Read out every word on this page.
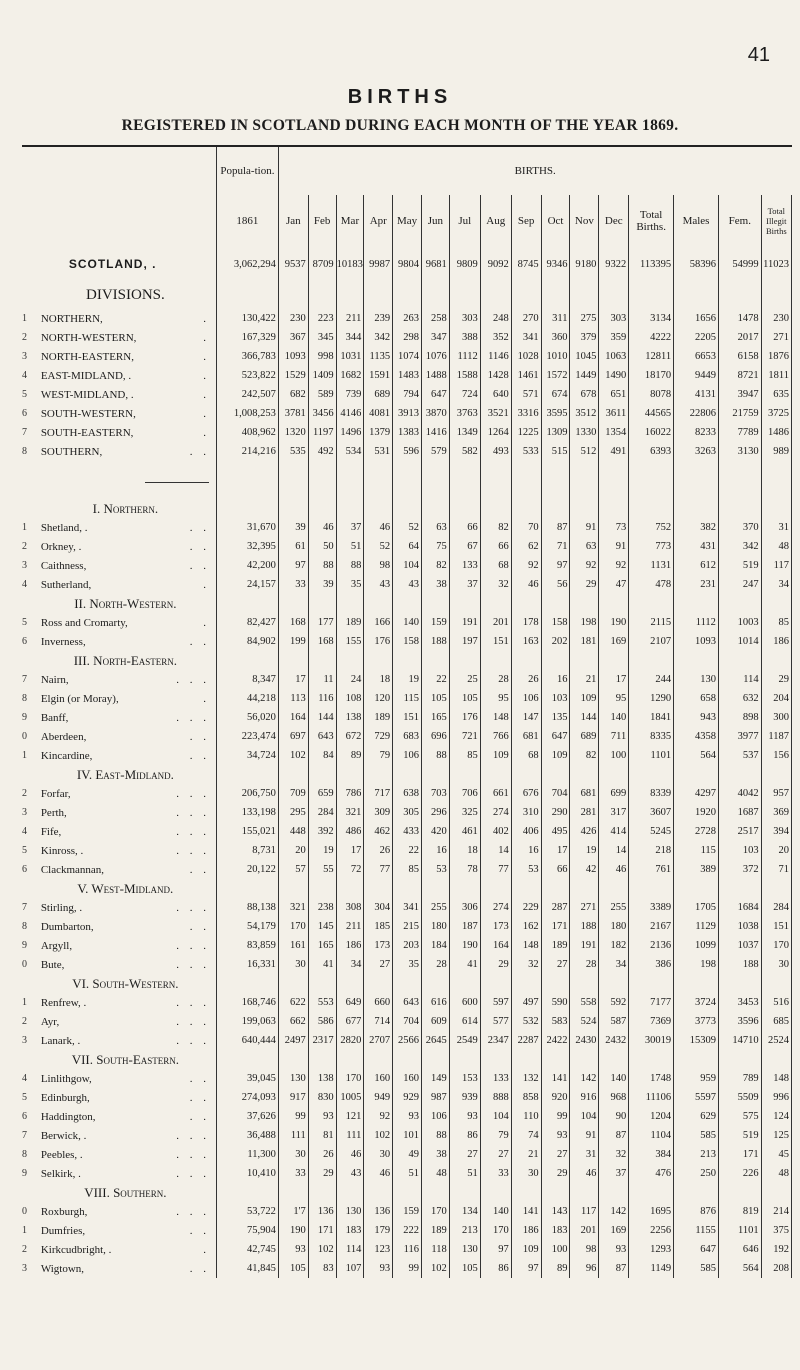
41
BIRTHS
REGISTERED IN SCOTLAND DURING EACH MONTH OF THE YEAR 1869.
		Popula-tion.	BIRTHS.															
		1861	Jan	Feb	Mar	Apr	May	Jun	Jul	Aug	Sep	Oct	Nov	Dec	Total Births.	Males	Fem.	Total Illegit Births
	SCOTLAND, .	3,062,294	9537	8709	10183	9987	9804	9681	9809	9092	8745	9346	9180	9322	113395	58396	54999	11023
	DIVISIONS.																	
1	NORTHERN, .	130,422	230	223	211	239	263	258	303	248	270	311	275	303	3134	1656	1478	230
2	NORTH-WESTERN, .	167,329	367	345	344	342	298	347	388	352	341	360	379	359	4222	2205	2017	271
3	NORTH-EASTERN, .	366,783	1093	998	1031	1135	1074	1076	1112	1146	1028	1010	1045	1063	12811	6653	6158	1876
4	EAST-MIDLAND, . .	523,822	1529	1409	1682	1591	1483	1488	1588	1428	1461	1572	1449	1490	18170	9449	8721	1811
5	WEST-MIDLAND, . .	242,507	682	589	739	689	794	647	724	640	571	674	678	651	8078	4131	3947	635
6	SOUTH-WESTERN, .	1,008,253	3781	3456	4146	4081	3913	3870	3763	3521	3316	3595	3512	3611	44565	22806	21759	3725
7	SOUTH-EASTERN, .	408,962	1320	1197	1496	1379	1383	1416	1349	1264	1225	1309	1330	1354	16022	8233	7789	1486
8	SOUTHERN, . .	214,216	535	492	534	531	596	579	582	493	533	515	512	491	6393	3263	3130	989

	I. Northern.																	
1	Shetland, . . .	31,670	39	46	37	46	52	63	66	82	70	87	91	73	752	382	370	31
2	Orkney, . . .	32,395	61	50	51	52	64	75	67	66	62	71	63	91	773	431	342	48
3	Caithness, . .	42,200	97	88	88	98	104	82	133	68	92	97	92	92	1131	612	519	117
4	Sutherland, .	24,157	33	39	35	43	43	38	37	32	46	56	29	47	478	231	247	34
	II. North-Western.																	
5	Ross and Cromarty, .	82,427	168	177	189	166	140	159	191	201	178	158	198	190	2115	1112	1003	85
6	Inverness, . .	84,902	199	168	155	176	158	188	197	151	163	202	181	169	2107	1093	1014	186
	III. North-Eastern.																	
7	Nairn, . . .	8,347	17	11	24	18	19	22	25	28	26	16	21	17	244	130	114	29
8	Elgin (or Moray), .	44,218	113	116	108	120	115	105	105	95	106	103	109	95	1290	658	632	204
9	Banff, . . .	56,020	164	144	138	189	151	165	176	148	147	135	144	140	1841	943	898	300
0	Aberdeen, . .	223,474	697	643	672	729	683	696	721	766	681	647	689	711	8335	4358	3977	1187
1	Kincardine, . .	34,724	102	84	89	79	106	88	85	109	68	109	82	100	1101	564	537	156
	IV. East-Midland.																	
2	Forfar, . . .	206,750	709	659	786	717	638	703	706	661	676	704	681	699	8339	4297	4042	957
3	Perth, . . .	133,198	295	284	321	309	305	296	325	274	310	290	281	317	3607	1920	1687	369
4	Fife, . . .	155,021	448	392	486	462	433	420	461	402	406	495	426	414	5245	2728	2517	394
5	Kinross, . . . .	8,731	20	19	17	26	22	16	18	14	16	17	19	14	218	115	103	20
6	Clackmannan, . .	20,122	57	55	72	77	85	53	78	77	53	66	42	46	761	389	372	71
	V. West-Midland.																	
7	Stirling, . . . .	88,138	321	238	308	304	341	255	306	274	229	287	271	255	3389	1705	1684	284
8	Dumbarton, . .	54,179	170	145	211	185	215	180	187	173	162	171	188	180	2167	1129	1038	151
9	Argyll, . . .	83,859	161	165	186	173	203	184	190	164	148	189	191	182	2136	1099	1037	170
0	Bute, . . .	16,331	30	41	34	27	35	28	41	29	32	27	28	34	386	198	188	30
	VI. South-Western.																	
1	Renfrew, . . . .	168,746	622	553	649	660	643	616	600	597	497	590	558	592	7177	3724	3453	516
2	Ayr, . . .	199,063	662	586	677	714	704	609	614	577	532	583	524	587	7369	3773	3596	685
3	Lanark, . . . .	640,444	2497	2317	2820	2707	2566	2645	2549	2347	2287	2422	2430	2432	30019	15309	14710	2524
	VII. South-Eastern.																	
4	Linlithgow, . .	39,045	130	138	170	160	160	149	153	133	132	141	142	140	1748	959	789	148
5	Edinburgh, . .	274,093	917	830	1005	949	929	987	939	888	858	920	916	968	11106	5597	5509	996
6	Haddington, . .	37,626	99	93	121	92	93	106	93	104	110	99	104	90	1204	629	575	124
7	Berwick, . . . .	36,488	111	81	111	102	101	88	86	79	74	93	91	87	1104	585	519	125
8	Peebles, . . . .	11,300	30	26	46	30	49	38	27	27	21	27	31	32	384	213	171	45
9	Selkirk, . . . .	10,410	33	29	43	46	51	48	51	33	30	29	46	37	476	250	226	48
	VIII. Southern.																	
0	Roxburgh, . . .	53,722	1'7	136	130	136	159	170	134	140	141	143	117	142	1695	876	819	214
1	Dumfries, . .	75,904	190	171	183	179	222	189	213	170	186	183	201	169	2256	1155	1101	375
2	Kirkcudbright, . .	42,745	93	102	114	123	116	118	130	97	109	100	98	93	1293	647	646	192
3	Wigtown, . .	41,845	105	83	107	93	99	102	105	86	97	89	96	87	1149	585	564	208
